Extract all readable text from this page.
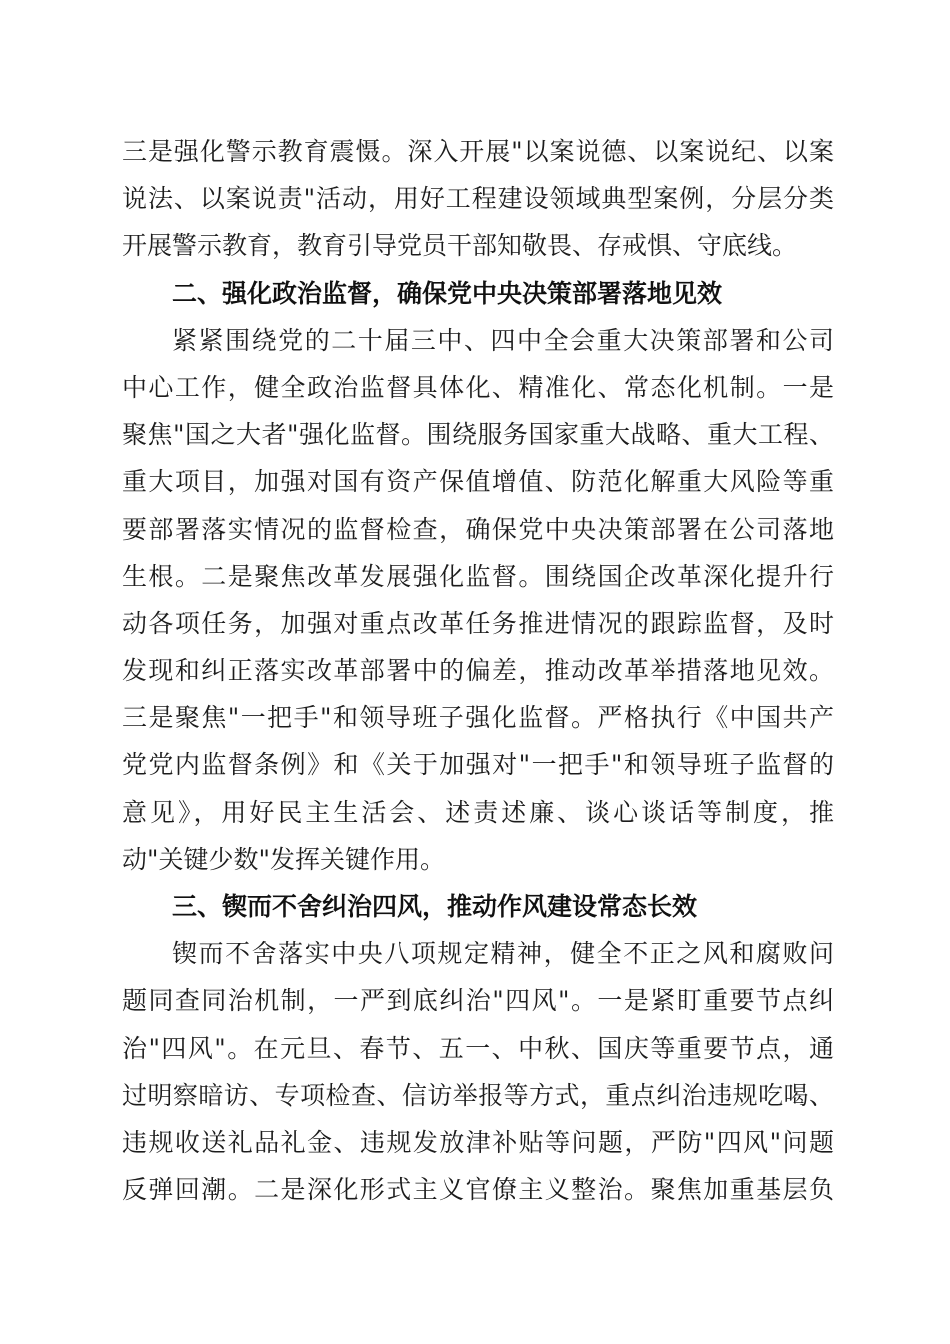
三是强化警示教育震慑。深入开展"以案说德、以案说纪、以案
说法、以案说责"活动，用好工程建设领域典型案例，分层分类
开展警示教育，教育引导党员干部知敬畏、存戒惧、守底线。
二、强化政治监督，确保党中央决策部署落地见效
紧紧围绕党的二十届三中、四中全会重大决策部署和公司
中心工作，健全政治监督具体化、精准化、常态化机制。一是
聚焦"国之大者"强化监督。围绕服务国家重大战略、重大工程、
重大项目，加强对国有资产保值增值、防范化解重大风险等重
要部署落实情况的监督检查，确保党中央决策部署在公司落地
生根。二是聚焦改革发展强化监督。围绕国企改革深化提升行
动各项任务，加强对重点改革任务推进情况的跟踪监督，及时
发现和纠正落实改革部署中的偏差，推动改革举措落地见效。
三是聚焦"一把手"和领导班子强化监督。严格执行《中国共产
党党内监督条例》和《关于加强对"一把手"和领导班子监督的
意见》，用好民主生活会、述责述廉、谈心谈话等制度，推
动"关键少数"发挥关键作用。
三、锲而不舍纠治四风，推动作风建设常态长效
锲而不舍落实中央八项规定精神，健全不正之风和腐败问
题同查同治机制，一严到底纠治"四风"。一是紧盯重要节点纠
治"四风"。在元旦、春节、五一、中秋、国庆等重要节点，通
过明察暗访、专项检查、信访举报等方式，重点纠治违规吃喝、
违规收送礼品礼金、违规发放津补贴等问题，严防"四风"问题
反弹回潮。二是深化形式主义官僚主义整治。聚焦加重基层负
